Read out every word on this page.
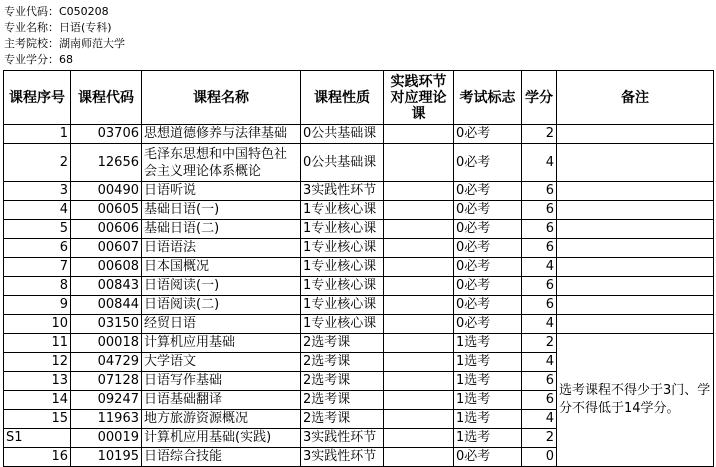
专业代码：C050208
专业名称：日语(专科)
主考院校：湖南师范大学
专业学分：68
课程序号	课程代码	课程名称	课程性质	实践环节对应理论课	考试标志	学分	备注
1	03706	思想道德修养与法律基础	0公共基础课		0必考	2	
2	12656	毛泽东思想和中国特色社会主义理论体系概论	0公共基础课		0必考	4	
3	00490	日语听说	3实践性环节		0必考	6	
4	00605	基础日语(一)	1专业核心课		0必考	6	
5	00606	基础日语(二)	1专业核心课		0必考	6	
6	00607	日语语法	1专业核心课		0必考	6	
7	00608	日本国概况	1专业核心课		0必考	4	
8	00843	日语阅读(一)	1专业核心课		0必考	6	
9	00844	日语阅读(二)	1专业核心课		0必考	6	
10	03150	经贸日语	1专业核心课		0必考	4	
11	00018	计算机应用基础	2选考课		1选考	2	选考课程不得少于3门、学分不得低于14学分。
12	04729	大学语文	2选考课		1选考	4	
13	07128	日语写作基础	2选考课		1选考	6	
14	09247	日语基础翻译	2选考课		1选考	6	
15	11963	地方旅游资源概况	2选考课		1选考	4	
S1	00019	计算机应用基础(实践)	3实践性环节		1选考	2	
16	10195	日语综合技能	3实践性环节		0必考	0	
